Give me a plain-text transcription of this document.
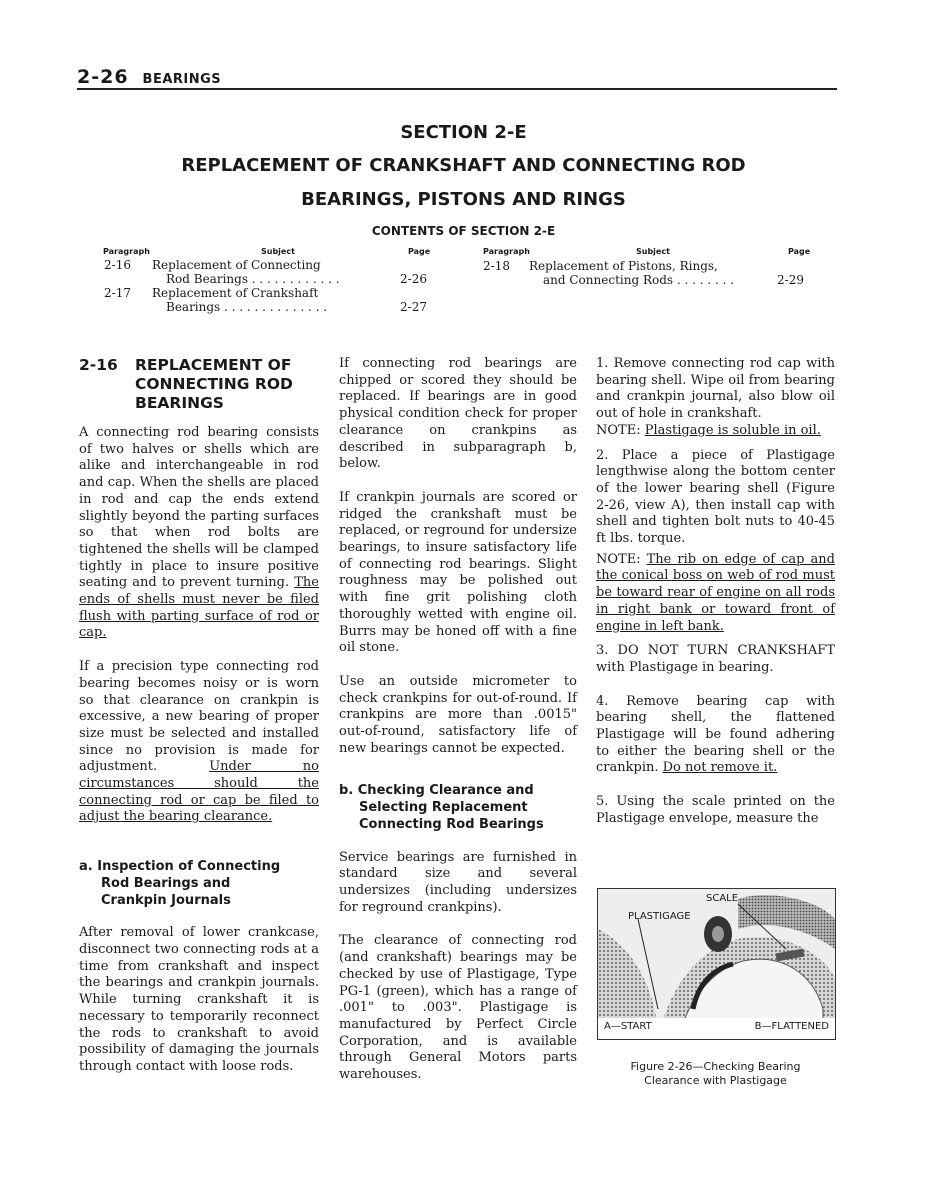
2-26 BEARINGS
SECTION 2-E
REPLACEMENT OF CRANKSHAFT AND CONNECTING ROD
BEARINGS, PISTONS AND RINGS
CONTENTS OF SECTION 2-E
Paragraph	Subject	Page	Paragraph	Subject	Page
2-16 Replacement of Connecting
Rod Bearings . . . . . . . . . . . .	2-26
2-17 Replacement of Crankshaft
Bearings . . . . . . . . . . . . . .	2-27
2-18 Replacement of Pistons, Rings,
and Connecting Rods . . . . . . . .	2-29
2-16 REPLACEMENT OF
CONNECTING ROD
BEARINGS

A connecting rod bearing consists of two halves or shells which are alike and interchangeable in rod and cap. When the shells are placed in rod and cap the ends extend slightly beyond the parting surfaces so that when rod bolts are tightened the shells will be clamped tightly in place to insure positive seating and to prevent turning. The ends of shells must never be filed flush with parting surface of rod or cap.

If a precision type connecting rod bearing becomes noisy or is worn so that clearance on crankpin is excessive, a new bearing of proper size must be selected and installed since no provision is made for adjustment.	Under no circumstances should the connecting rod or cap be filed to adjust the bearing clearance.

a. Inspection of Connecting
Rod Bearings and
Crankpin Journals

After removal of lower crankcase, disconnect two connecting rods at a time from crankshaft and inspect the bearings and crankpin journals. While turning crankshaft it is necessary to temporarily reconnect the rods to crankshaft to avoid possibility of damaging the journals through contact with loose rods.

If connecting rod bearings are chipped or scored they should be replaced. If bearings are in good physical condition check for proper clearance on crankpins as described in subparagraph b, below.

If crankpin journals are scored or ridged the crankshaft must be replaced, or reground for undersize bearings, to insure satisfactory life of connecting rod bearings. Slight roughness may be polished out with fine grit polishing cloth thoroughly wetted with engine oil. Burrs may be honed off with a fine oil stone.

Use an outside micrometer to check crankpins for out-of-round. If crankpins are more than .0015" out-of-round, satisfactory life of new bearings cannot be expected.

b. Checking Clearance and
Selecting Replacement
Connecting Rod Bearings

Service bearings are furnished in standard size and several undersizes (including undersizes for reground crankpins).

The clearance of connecting rod (and crankshaft) bearings may be checked by use of Plastigage, Type PG-1 (green), which has a range of .001" to .003". Plastigage is manufactured by Perfect Circle Corporation, and is available through General Motors parts warehouses.

1. Remove connecting rod cap with bearing shell. Wipe oil from bearing and crankpin journal, also blow oil out of hole in crankshaft.

NOTE: Plastigage is soluble in oil.

2. Place a piece of Plastigage lengthwise along the bottom center of the lower bearing shell (Figure 2-26, view A), then install cap with shell and tighten bolt nuts to 40-45 ft lbs. torque.

NOTE: The rib on edge of cap and the conical boss on web of rod must be toward rear of engine on all rods in right bank or toward front of engine in left bank.

3. DO NOT TURN CRANKSHAFT with Plastigage in bearing.

4. Remove bearing cap with bearing shell, the flattened Plastigage will be found adhering to either the bearing shell or the crankpin. Do not remove it.

5. Using the scale printed on the Plastigage envelope, measure the

SCALE
PLASTIGAGE
A—START	B—FLATTENED
Figure 2-26—Checking Bearing
Clearance with Plastigage
